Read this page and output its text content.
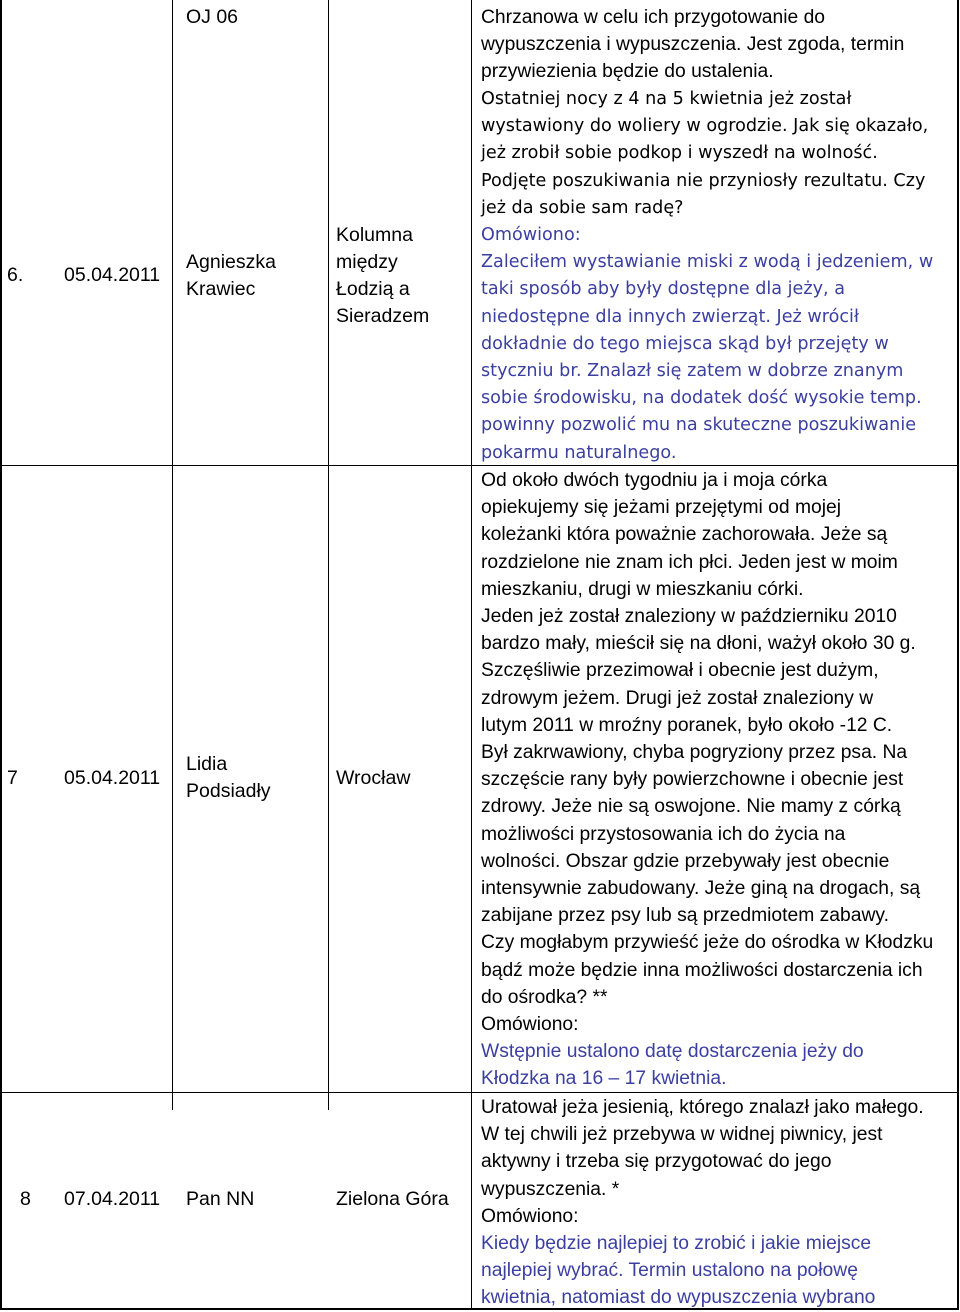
OJ 06	Chrzanowa w celu ich przygotowanie do
wypuszczenia i wypuszczenia. Jest zgoda, termin
przywiezienia będzie do ustalenia.
6. 05.04.2011
Agnieszka
Krawiec
Kolumna
między
Łodzią a
Sieradzem
Ostatniej nocy z 4 na 5 kwietnia jeż został
wystawiony do woliery w ogrodzie. Jak się okazało,
jeż zrobił sobie podkop i wyszedł na wolność.
Podjęte poszukiwania nie przyniosły rezultatu. Czy
jeż da sobie sam radę?
Omówiono:
Zaleciłem wystawianie miski z wodą i jedzeniem, w
taki sposób aby były dostępne dla jeży, a
niedostępne dla innych zwierząt. Jeż wrócił
dokładnie do tego miejsca skąd był przejęty w
styczniu br. Znalazł się zatem w dobrze znanym
sobie środowisku, na dodatek dość wysokie temp.
powinny pozwolić mu na skuteczne poszukiwanie
pokarmu naturalnego.
7 05.04.2011
Lidia
Podsiadły
Wrocław
Od około dwóch tygodniu ja i moja córka
opiekujemy się jeżami przejętymi od mojej
koleżanki która poważnie zachorowała. Jeże są
rozdzielone nie znam ich płci. Jeden jest w moim
mieszkaniu, drugi w mieszkaniu córki.
Jeden jeż został znaleziony w październiku 2010
bardzo mały, mieścił się na dłoni, ważył około 30 g.
Szczęśliwie przezimował i obecnie jest dużym,
zdrowym jeżem. Drugi jeż został znaleziony w
lutym 2011 w mroźny poranek, było około -12 C.
Był zakrwawiony, chyba pogryziony przez psa. Na
szczęście rany były powierzchowne i obecnie jest
zdrowy. Jeże nie są oswojone. Nie mamy z córką
możliwości przystosowania ich do życia na
wolności. Obszar gdzie przebywały jest obecnie
intensywnie zabudowany. Jeże giną na drogach, są
zabijane przez psy lub są przedmiotem zabawy.
Czy mogłabym przywieść jeże do ośrodka w Kłodzku
bądź może będzie inna możliwości dostarczenia ich
do ośrodka? **
Omówiono:
Wstępnie ustalono datę dostarczenia jeży do
Kłodzka na 16 – 17 kwietnia.
8 07.04.2011 Pan NN	Zielona Góra
Uratował jeża jesienią, którego znalazł jako małego.
W tej chwili jeż przebywa w widnej piwnicy, jest
aktywny i trzeba się przygotować do jego
wypuszczenia. *
Omówiono:
Kiedy będzie najlepiej to zrobić i jakie miejsce
najlepiej wybrać. Termin ustalono na połowę
kwietnia, natomiast do wypuszczenia wybrano
